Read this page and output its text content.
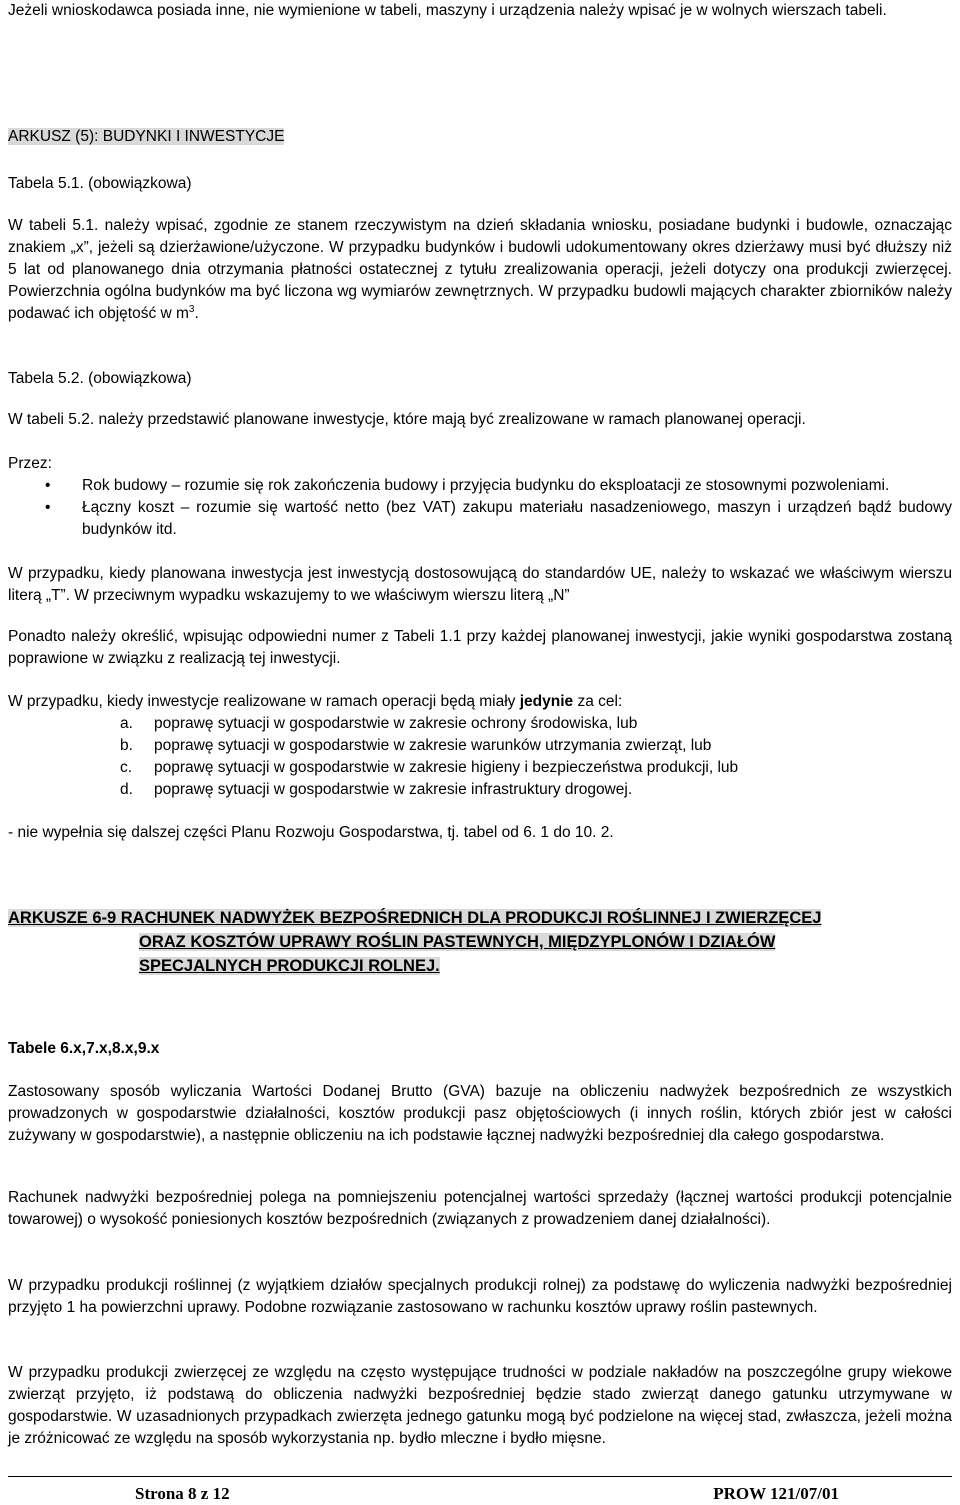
Jeżeli wnioskodawca posiada inne, nie wymienione w tabeli, maszyny i urządzenia należy wpisać je w wolnych wierszach tabeli.

ARKUSZ (5): BUDYNKI I INWESTYCJE

Tabela 5.1. (obowiązkowa)

W tabeli 5.1. należy wpisać, zgodnie ze stanem rzeczywistym na dzień składania wniosku, posiadane budynki i budowle, oznaczając znakiem „x”, jeżeli są dzierżawione/użyczone. W przypadku budynków i budowli udokumentowany okres dzierżawy musi być dłuższy niż 5 lat od planowanego dnia otrzymania płatności ostatecznej z tytułu zrealizowania operacji, jeżeli dotyczy ona produkcji zwierzęcej. Powierzchnia ogólna budynków ma być liczona wg wymiarów zewnętrznych. W przypadku budowli mających charakter zbiorników należy podawać ich objętość w $m^3$.

Tabela 5.2. (obowiązkowa)

W tabeli 5.2. należy przedstawić planowane inwestycje, które mają być zrealizowane w ramach planowanej operacji.

Przez:

• Rok budowy – rozumie się rok zakończenia budowy i przyjęcia budynku do eksploatacji ze stosownymi pozwoleniami.
• Łączny koszt – rozumie się wartość netto (bez VAT) zakupu materiału nasadzeniowego, maszyn i urządzeń bądź budowy budynków itd.

W przypadku, kiedy planowana inwestycja jest inwestycją dostosowującą do standardów UE, należy to wskazać we właściwym wierszu literą „T”. W przeciwnym wypadku wskazujemy to we właściwym wierszu literą „N”

Ponadto należy określić, wpisując odpowiedni numer z Tabeli 1.1 przy każdej planowanej inwestycji, jakie wyniki gospodarstwa zostaną poprawione w związku z realizacją tej inwestycji.

W przypadku, kiedy inwestycje realizowane w ramach operacji będą miały jedynie za cel:

a. poprawę sytuacji w gospodarstwie w zakresie ochrony środowiska, lub
b. poprawę sytuacji w gospodarstwie w zakresie warunków utrzymania zwierząt, lub
c. poprawę sytuacji w gospodarstwie w zakresie higieny i bezpieczeństwa produkcji, lub
d. poprawę sytuacji w gospodarstwie w zakresie infrastruktury drogowej.

- nie wypełnia się dalszej części Planu Rozwoju Gospodarstwa, tj. tabel od 6. 1 do 10. 2.

ARKUSZE 6-9 RACHUNEK NADWYŻEK BEZPOŚREDNICH DLA PRODUKCJI ROŚLINNEJ I ZWIERZĘCEJ
ORAZ KOSZTÓW UPRAWY ROŚLIN PASTEWNYCH, MIĘDZYPLONÓW I DZIAŁÓW
SPECJALNYCH PRODUKCJI ROLNEJ.

Tabele 6.x,7.x,8.x,9.x

Zastosowany sposób wyliczania Wartości Dodanej Brutto (GVA) bazuje na obliczeniu nadwyżek bezpośrednich ze wszystkich prowadzonych w gospodarstwie działalności, kosztów produkcji pasz objętościowych (i innych roślin, których zbiór jest w całości zużywany w gospodarstwie), a następnie obliczeniu na ich podstawie łącznej nadwyżki bezpośredniej dla całego gospodarstwa.

Rachunek nadwyżki bezpośredniej polega na pomniejszeniu potencjalnej wartości sprzedaży (łącznej wartości produkcji potencjalnie towarowej) o wysokość poniesionych kosztów bezpośrednich (związanych z prowadzeniem danej działalności).

W przypadku produkcji roślinnej (z wyjątkiem działów specjalnych produkcji rolnej) za podstawę do wyliczenia nadwyżki bezpośredniej przyjęto 1 ha powierzchni uprawy. Podobne rozwiązanie zastosowano w rachunku kosztów uprawy roślin pastewnych.

W przypadku produkcji zwierzęcej ze względu na często występujące trudności w podziale nakładów na poszczególne grupy wiekowe zwierząt przyjęto, iż podstawą do obliczenia nadwyżki bezpośredniej będzie stado zwierząt danego gatunku utrzymywane w gospodarstwie. W uzasadnionych przypadkach zwierzęta jednego gatunku mogą być podzielone na więcej stad, zwłaszcza, jeżeli można je zróżnicować ze względu na sposób wykorzystania np. bydło mleczne i bydło mięsne.

Strona 8 z 12	PROW 121/07/01
